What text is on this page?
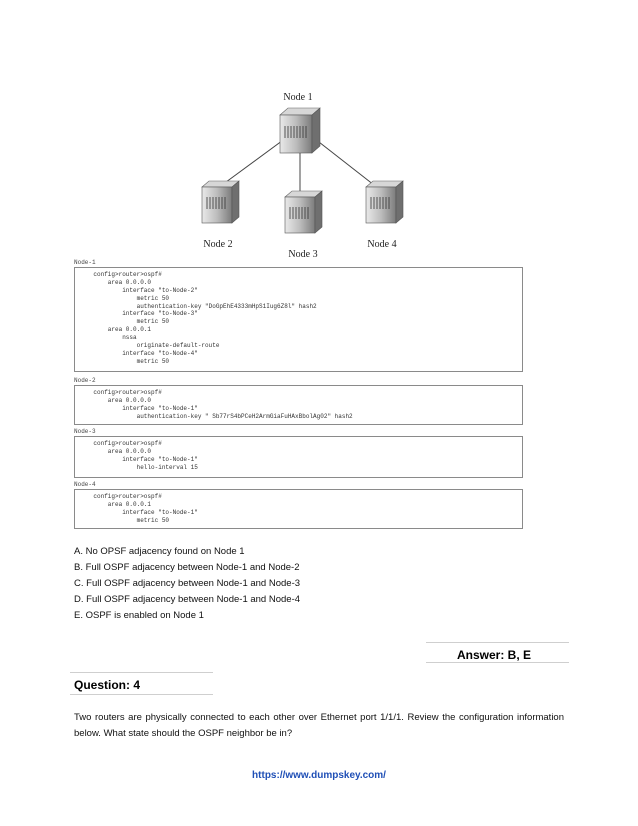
Node 1
Node 2
Node 3
Node 4
Node-1
config>router>ospf#
area 0.0.0.0
interface "to-Node-2"
metric 50
authentication-key "DoGpEhE4333mHpS1Iug6Z8l" hash2
interface "to-Node-3"
metric 50
area 0.0.0.1
nssa
originate-default-route
interface "to-Node-4"
metric 50
Node-2
config>router>ospf#
area 0.0.0.0
interface "to-Node-1"
authentication-key " Sb77rS4bPCeH2ArmGiaFuHAxBbolAg02" hash2
Node-3
config>router>ospf#
area 0.0.0.0
interface "to-Node-1"
hello-interval 15
Node-4
config>router>ospf#
area 0.0.0.1
interface "to-Node-1"
metric 50
A. No OPSF adjacency found on Node 1
B. Full OSPF adjacency between Node-1 and Node-2
C. Full OSPF adjacency between Node-1 and Node-3
D. Full OSPF adjacency between Node-1 and Node-4
E. OSPF is enabled on Node 1
Answer: B, E
Question: 4
Two routers are physically connected to each other over Ethernet port 1/1/1. Review the configuration information below. What state should the OSPF neighbor be in?
https://www.dumpskey.com/
